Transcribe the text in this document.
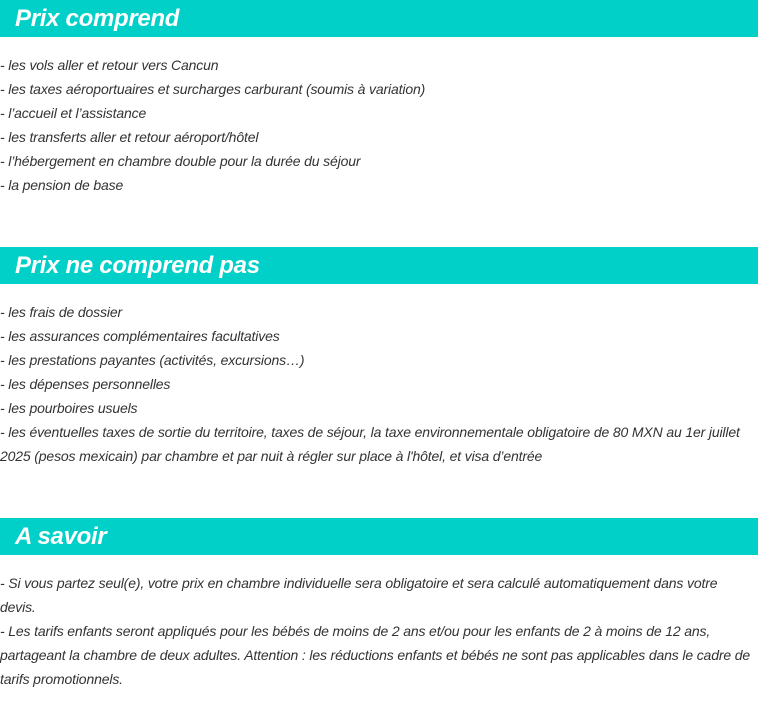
Prix comprend
- les vols aller et retour vers Cancun
- les taxes aéroportuaires et surcharges carburant (soumis à variation)
- l’accueil et l’assistance
- les transferts aller et retour aéroport/hôtel
- l’hébergement en chambre double pour la durée du séjour
- la pension de base
Prix ne comprend pas
- les frais de dossier
- les assurances complémentaires facultatives
- les prestations payantes (activités, excursions…)
- les dépenses personnelles
- les pourboires usuels
- les éventuelles taxes de sortie du territoire, taxes de séjour, la taxe environnementale obligatoire de 80 MXN au 1er juillet 2025 (pesos mexicain) par chambre et par nuit à régler sur place à l'hôtel, et visa d’entrée
A savoir
- Si vous partez seul(e), votre prix en chambre individuelle sera obligatoire et sera calculé automatiquement dans votre devis.
- Les tarifs enfants seront appliqués pour les bébés de moins de 2 ans et/ou pour les enfants de 2 à moins de 12 ans, partageant la chambre de deux adultes. Attention : les réductions enfants et bébés ne sont pas applicables dans le cadre de tarifs promotionnels.
